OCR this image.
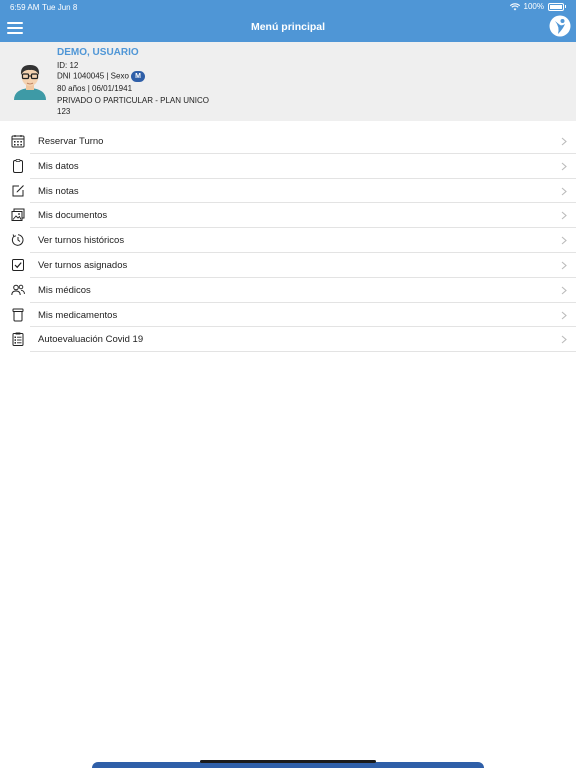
6:59 AM Tue Jun 8	100%
Menú principal
DEMO, USUARIO
ID: 12
DNI 1040045 | Sexo M
80 años | 06/01/1941
PRIVADO O PARTICULAR - PLAN UNICO
123
Reservar Turno
Mis datos
Mis notas
Mis documentos
Ver turnos históricos
Ver turnos asignados
Mis médicos
Mis medicamentos
Autoevaluación Covid 19
